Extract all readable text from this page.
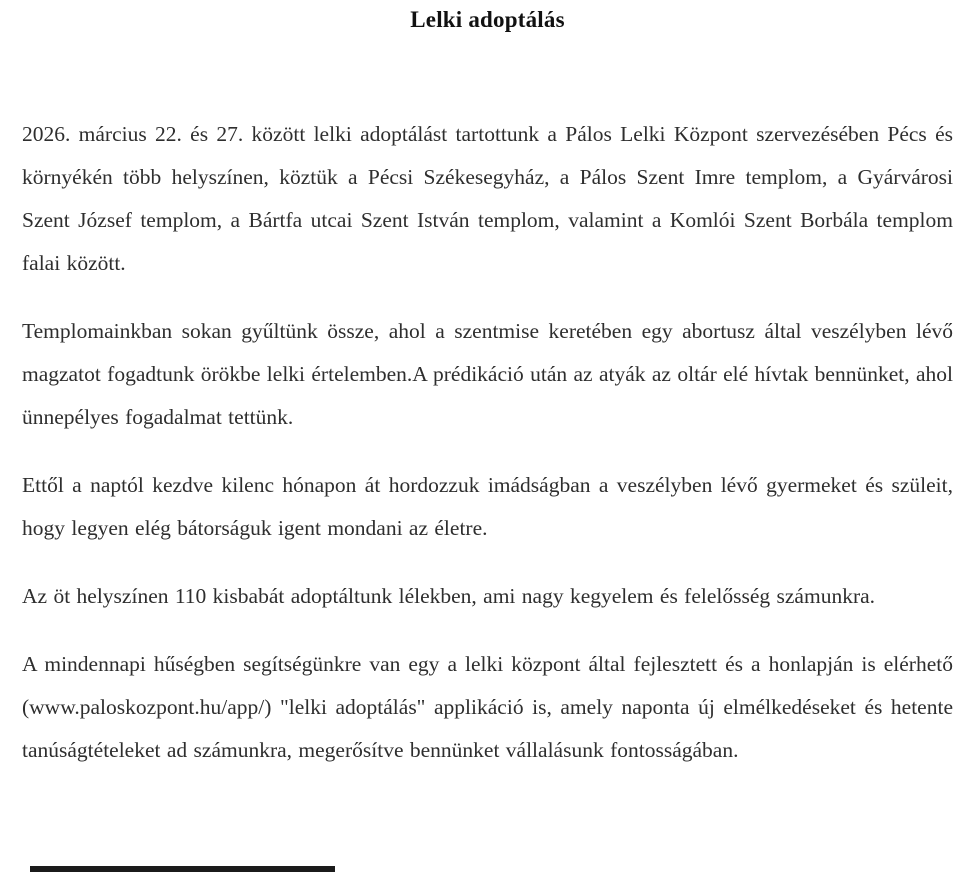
Lelki adoptálás

2026. március 22. és 27. között lelki adoptálást tartottunk a Pálos Lelki Központ szervezésében Pécs és környékén több helyszínen, köztük a Pécsi Székesegyház, a Pálos Szent Imre templom, a Gyárvárosi Szent József templom, a Bártfa utcai Szent István templom, valamint a Komlói Szent Borbála templom falai között.

Templomainkban sokan gyűltünk össze, ahol a szentmise keretében egy abortusz által veszélyben lévő magzatot fogadtunk örökbe lelki értelemben.A prédikáció után az atyák az oltár elé hívtak bennünket, ahol ünnepélyes fogadalmat tettünk.

Ettől a naptól kezdve kilenc hónapon át hordozzuk imádságban a veszélyben lévő gyermeket és szüleit, hogy legyen elég bátorságuk igent mondani az életre.

Az öt helyszínen 110 kisbabát adoptáltunk lélekben, ami nagy kegyelem és felelősség számunkra.

A mindennapi hűségben segítségünkre van egy a lelki központ által fejlesztett és a honlapján is elérhető (www.paloskozpont.hu/app/) "lelki adoptálás" applikáció is, amely naponta új elmélkedéseket és hetente tanúságtételeket ad számunkra, megerősítve bennünket vállalásunk fontosságában.
